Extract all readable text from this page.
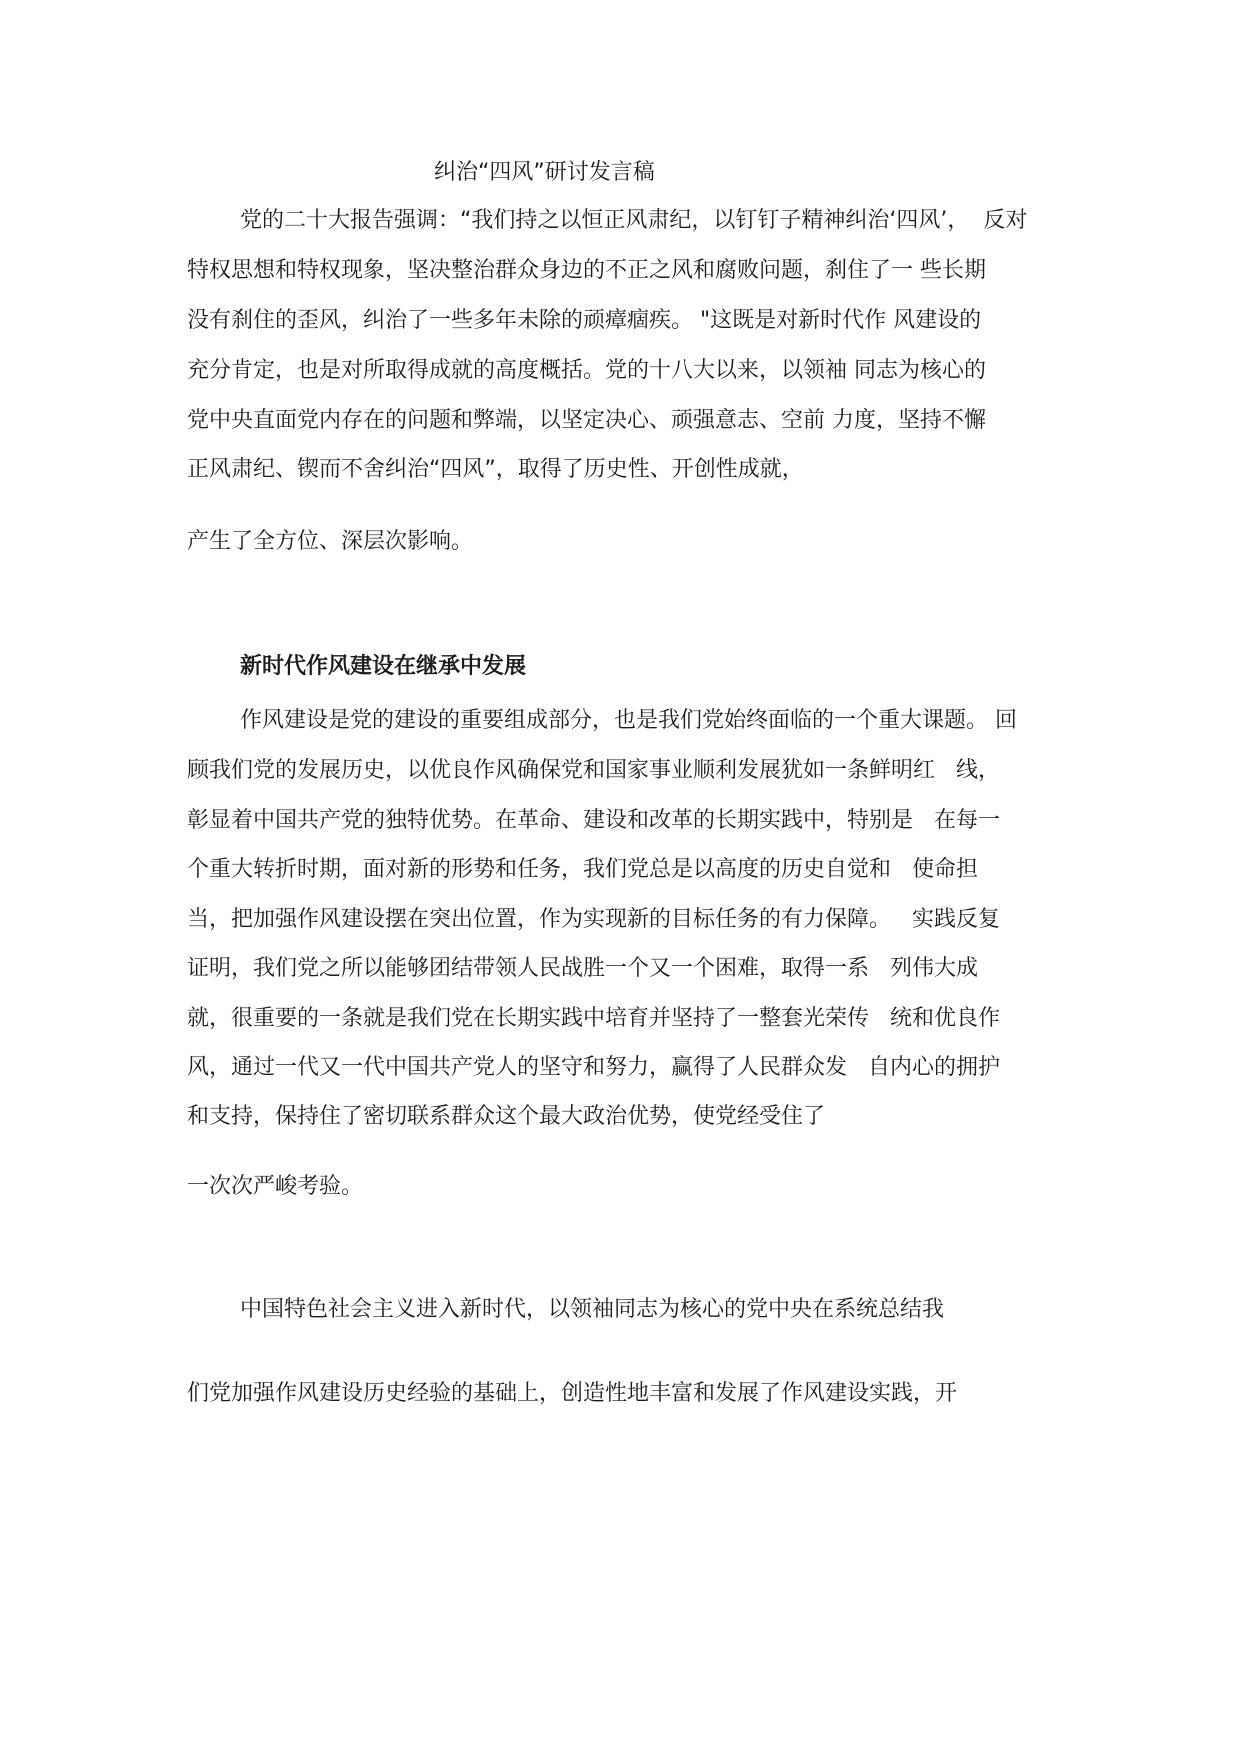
纠治“四风”研讨发言稿
党的二十大报告强调：“我们持之以恒正风肃纪，以钉钉子精神纠治‘四风’，  反对
特权思想和特权现象，坚决整治群众身边的不正之风和腐败问题，刹住了一 些长期
没有刹住的歪风，纠治了一些多年未除的顽瘴痼疾。 "这既是对新时代作 风建设的
充分肯定，也是对所取得成就的高度概括。党的十八大以来，以领袖 同志为核心的
党中央直面党内存在的问题和弊端，以坚定决心、顽强意志、空前 力度，坚持不懈
正风肃纪、锲而不舍纠治“四风”，取得了历史性、开创性成就，
产生了全方位、深层次影响。
新时代作风建设在继承中发展
作风建设是党的建设的重要组成部分，也是我们党始终面临的一个重大课题。 回
顾我们党的发展历史，以优良作风确保党和国家事业顺利发展犹如一条鲜明红   线，
彰显着中国共产党的独特优势。在革命、建设和改革的长期实践中，特别是   在每一
个重大转折时期，面对新的形势和任务，我们党总是以高度的历史自觉和   使命担
当，把加强作风建设摆在突出位置，作为实现新的目标任务的有力保障。   实践反复
证明，我们党之所以能够团结带领人民战胜一个又一个困难，取得一系   列伟大成
就，很重要的一条就是我们党在长期实践中培育并坚持了一整套光荣传   统和优良作
风，通过一代又一代中国共产党人的坚守和努力，赢得了人民群众发   自内心的拥护
和支持，保持住了密切联系群众这个最大政治优势，使党经受住了
一次次严峻考验。
中国特色社会主义进入新时代，以领袖同志为核心的党中央在系统总结我
们党加强作风建设历史经验的基础上，创造性地丰富和发展了作风建设实践，开
